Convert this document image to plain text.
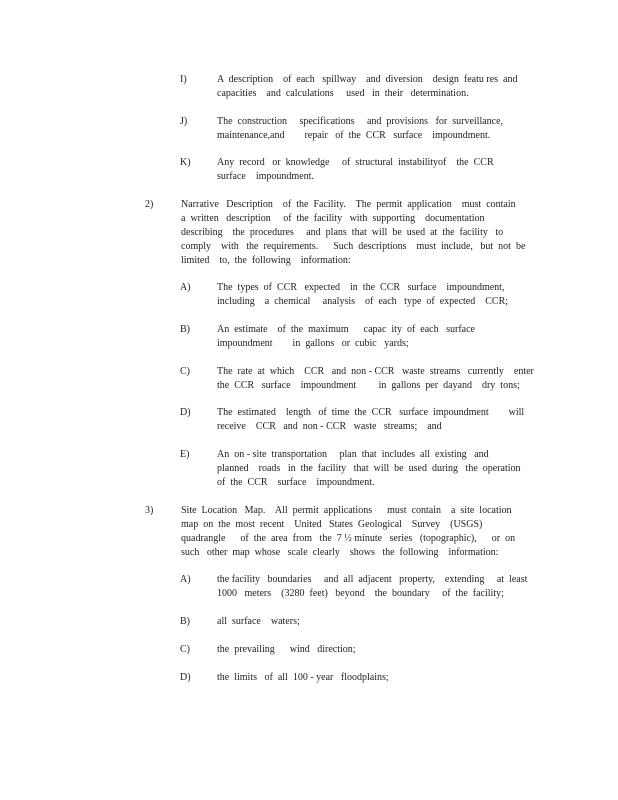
I)	A  description    of  each   spillway    and  diversion    design  featu res  and
capacities    and  calculations     used   in  their   determination.
J)	The  construction     specifications     and  provisions   for  surveillance,
maintenance,and        repair   of  the  CCR   surface    impoundment.
K)	Any  record   or  knowledge     of  structural  instabilityof    the  CCR
surface    impoundment.
2)	Narrative   Description    of  the  Facility.    The  permit  application    must  contain
a  written   description     of  the  facility   with  supporting    documentation
describing    the  procedures     and  plans  that  will  be  used  at  the  facility   to
comply    with   the  requirements.      Such  descriptions    must  include,   but  not  be
limited    to,  the  following    information:
A)	The  types  of  CCR   expected    in  the  CCR   surface    impoundment,
including    a  chemical     analysis    of  each   type  of  expected    CCR;
B)	An  estimate    of  the  maximum      capac  ity  of  each   surface
impoundment        in  gallons   or  cubic   yards;
C)	The  rate  at  which    CCR   and  non - CCR   waste  streams   currently    enter
the  CCR   surface    impoundment         in  gallons  per  dayand    dry  tons;
D)	The  estimated    length   of  time  the  CCR   surface  impoundment        will
receive    CCR   and  non - CCR   waste   streams;    and
E)	An  on - site  transportation     plan  that  includes  all  existing   and
planned    roads   in  the  facility   that  will  be  used  during   the  operation
of  the  CCR    surface    impoundment.
3)	Site  Location   Map.    All  permit  applications      must  contain    a  site  location
map  on  the  most  recent    United   States  Geological    Survey    (USGS)
quadrangle      of  the  area  from   the  7 ½ minute   series   (topographic),      or  on
such   other  map  whose   scale  clearly    shows   the  following    information:
A)	the facility   boundaries     and  all  adjacent   property,    extending     at  least
1000   meters    (3280  feet)   beyond    the  boundary     of  the  facility;
B)	all  surface    waters;
C)	the  prevailing      wind   direction;
D)	the  limits   of  all  100 - year   floodplains;
